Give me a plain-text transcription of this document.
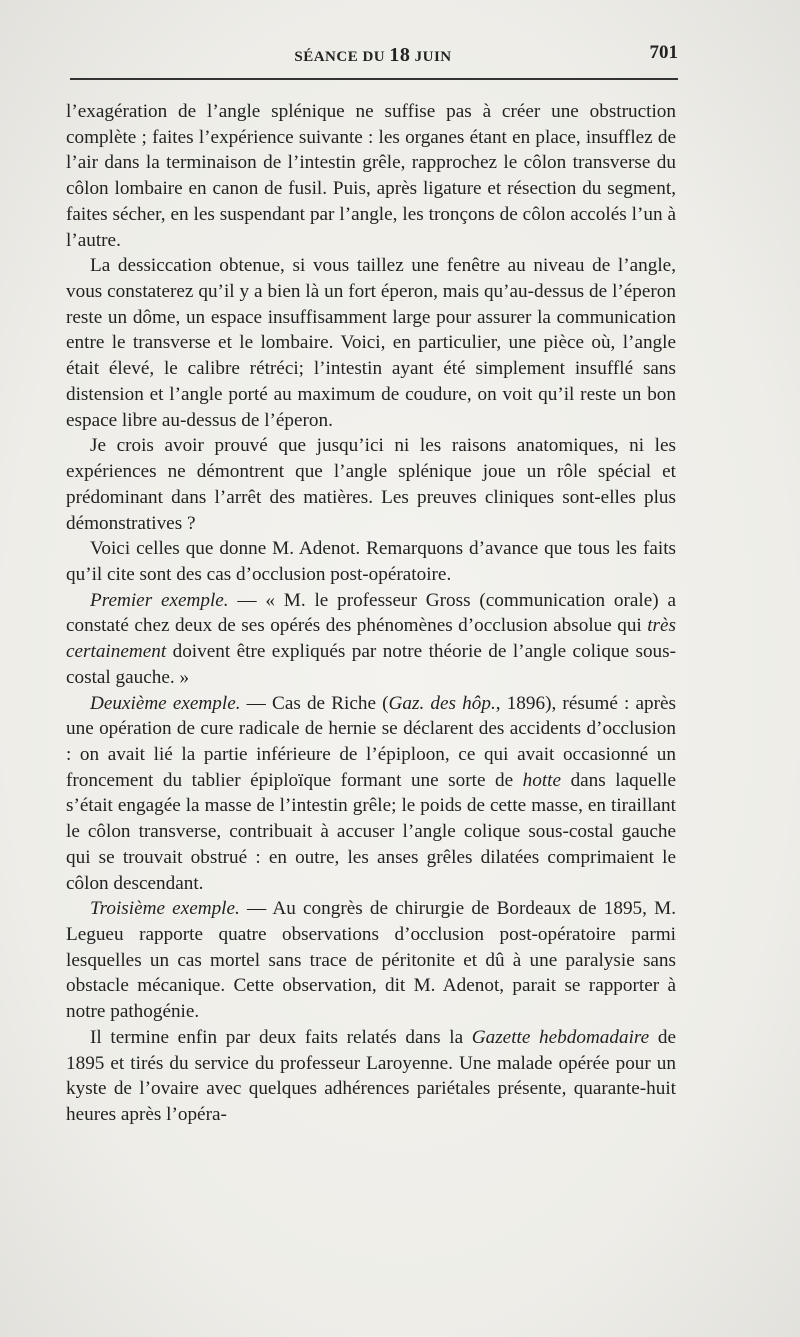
SÉANCE DU 18 JUIN	701

l’exagération de l’angle splénique ne suffise pas à créer une obstruction complète ; faites l’expérience suivante : les organes étant en place, insufflez de l’air dans la terminaison de l’intestin grêle, rapprochez le côlon transverse du côlon lombaire en canon de fusil. Puis, après ligature et résection du segment, faites sécher, en les suspendant par l’angle, les tronçons de côlon accolés l’un à l’autre.

La dessiccation obtenue, si vous taillez une fenêtre au niveau de l’angle, vous constaterez qu’il y a bien là un fort éperon, mais qu’au-dessus de l’éperon reste un dôme, un espace insuffisamment large pour assurer la communication entre le transverse et le lombaire. Voici, en particulier, une pièce où, l’angle était élevé, le calibre rétréci; l’intestin ayant été simplement insufflé sans distension et l’angle porté au maximum de coudure, on voit qu’il reste un bon espace libre au-dessus de l’éperon.

Je crois avoir prouvé que jusqu’ici ni les raisons anatomiques, ni les expériences ne démontrent que l’angle splénique joue un rôle spécial et prédominant dans l’arrêt des matières. Les preuves cliniques sont-elles plus démonstratives ?

Voici celles que donne M. Adenot. Remarquons d’avance que tous les faits qu’il cite sont des cas d’occlusion post-opératoire.

Premier exemple. — « M. le professeur Gross (communication orale) a constaté chez deux de ses opérés des phénomènes d’occlusion absolue qui très certainement doivent être expliqués par notre théorie de l’angle colique sous-costal gauche. »

Deuxième exemple. — Cas de Riche (Gaz. des hôp., 1896), résumé : après une opération de cure radicale de hernie se déclarent des accidents d’occlusion : on avait lié la partie inférieure de l’épiploon, ce qui avait occasionné un froncement du tablier épiploïque formant une sorte de hotte dans laquelle s’était engagée la masse de l’intestin grêle; le poids de cette masse, en tiraillant le côlon transverse, contribuait à accuser l’angle colique sous-costal gauche qui se trouvait obstrué : en outre, les anses grêles dilatées comprimaient le côlon descendant.

Troisième exemple. — Au congrès de chirurgie de Bordeaux de 1895, M. Legueu rapporte quatre observations d’occlusion post-opératoire parmi lesquelles un cas mortel sans trace de péritonite et dû à une paralysie sans obstacle mécanique. Cette observation, dit M. Adenot, parait se rapporter à notre pathogénie.

Il termine enfin par deux faits relatés dans la Gazette hebdomadaire de 1895 et tirés du service du professeur Laroyenne. Une malade opérée pour un kyste de l’ovaire avec quelques adhérences pariétales présente, quarante-huit heures après l’opéra-
